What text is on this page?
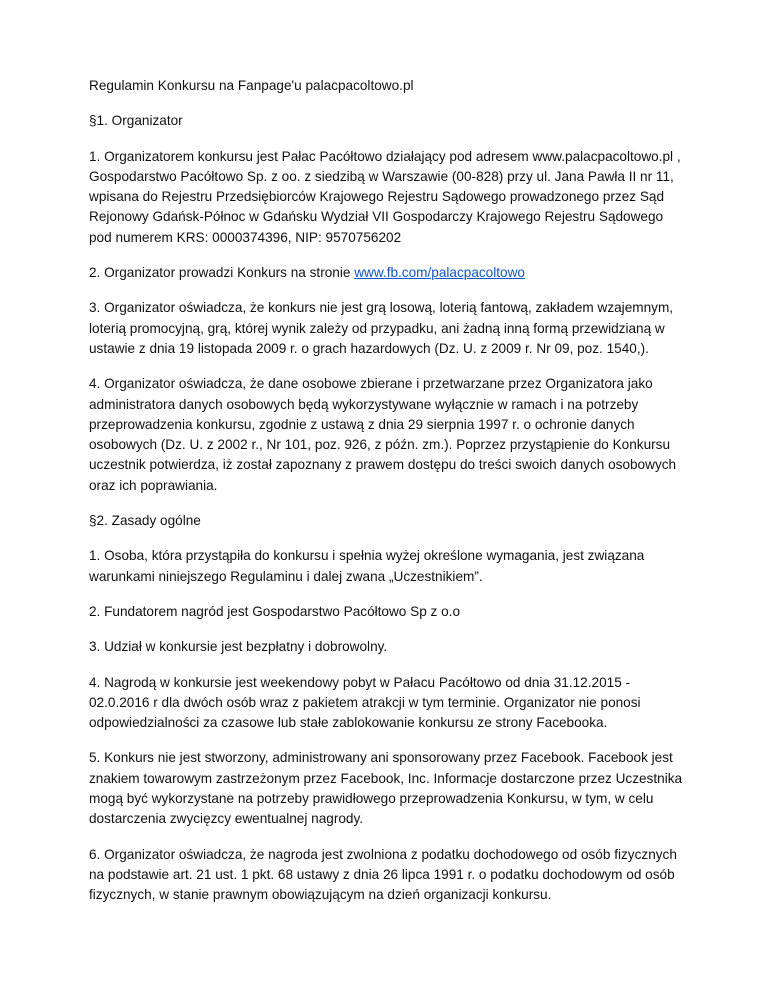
Regulamin Konkursu na Fanpage'u palacpacoltowo.pl

§1. Organizator

1. Organizatorem konkursu jest Pałac Pacółtowo działający pod adresem www.palacpacoltowo.pl , Gospodarstwo Pacółtowo Sp. z oo. z siedzibą w Warszawie (00-828) przy ul. Jana Pawła II nr 11, wpisana do Rejestru Przedsiębiorców Krajowego Rejestru Sądowego prowadzonego przez Sąd Rejonowy Gdańsk-Północ w Gdańsku Wydział VII Gospodarczy Krajowego Rejestru Sądowego pod numerem KRS: 0000374396, NIP: 9570756202

2. Organizator prowadzi Konkurs na stronie www.fb.com/palacpacoltowo

3. Organizator oświadcza, że konkurs nie jest grą losową, loterią fantową, zakładem wzajemnym, loterią promocyjną, grą, której wynik zależy od przypadku, ani żadną inną formą przewidzianą w ustawie z dnia 19 listopada 2009 r. o grach hazardowych (Dz. U. z 2009 r. Nr 09, poz. 1540,).

4. Organizator oświadcza, że dane osobowe zbierane i przetwarzane przez Organizatora jako administratora danych osobowych będą wykorzystywane wyłącznie w ramach i na potrzeby przeprowadzenia konkursu, zgodnie z ustawą z dnia 29 sierpnia 1997 r. o ochronie danych osobowych (Dz. U. z 2002 r., Nr 101, poz. 926, z późn. zm.). Poprzez przystąpienie do Konkursu uczestnik potwierdza, iż został zapoznany z prawem dostępu do treści swoich danych osobowych oraz ich poprawiania.

§2. Zasady ogólne

1. Osoba, która przystąpiła do konkursu i spełnia wyżej określone wymagania, jest związana warunkami niniejszego Regulaminu i dalej zwana „Uczestnikiem”.

2. Fundatorem nagród jest Gospodarstwo Pacółtowo Sp z o.o

3. Udział w konkursie jest bezpłatny i dobrowolny.

4. Nagrodą w konkursie jest weekendowy pobyt w Pałacu Pacółtowo od dnia 31.12.2015 - 02.0.2016 r dla dwóch osób wraz z pakietem atrakcji w tym terminie. Organizator nie ponosi odpowiedzialności za czasowe lub stałe zablokowanie konkursu ze strony Facebooka.

5. Konkurs nie jest stworzony, administrowany ani sponsorowany przez Facebook. Facebook jest znakiem towarowym zastrzeżonym przez Facebook, Inc. Informacje dostarczone przez Uczestnika mogą być wykorzystane na potrzeby prawidłowego przeprowadzenia Konkursu, w tym, w celu dostarczenia zwycięzcy ewentualnej nagrody.

6. Organizator oświadcza, że nagroda jest zwolniona z podatku dochodowego od osób fizycznych na podstawie art. 21 ust. 1 pkt. 68 ustawy z dnia 26 lipca 1991 r. o podatku dochodowym od osób fizycznych, w stanie prawnym obowiązującym na dzień organizacji konkursu.
